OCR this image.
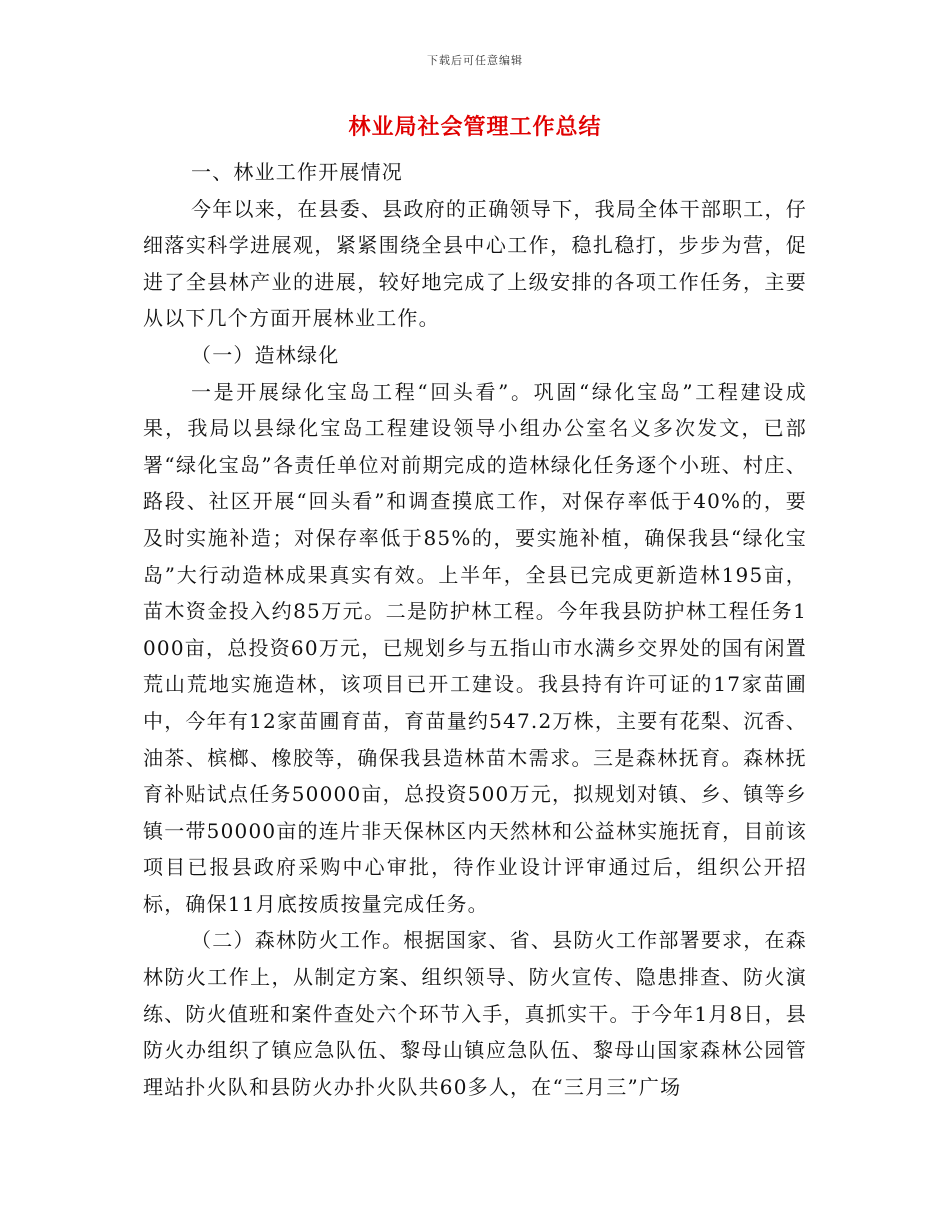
下载后可任意编辑
林业局社会管理工作总结

一、林业工作开展情况

今年以来，在县委、县政府的正确领导下，我局全体干部职工，仔细落实科学进展观，紧紧围绕全县中心工作，稳扎稳打，步步为营，促进了全县林产业的进展，较好地完成了上级安排的各项工作任务，主要从以下几个方面开展林业工作。

（一）造林绿化

一是开展绿化宝岛工程“回头看”。巩固“绿化宝岛”工程建设成果，我局以县绿化宝岛工程建设领导小组办公室名义多次发文，已部署“绿化宝岛”各责任单位对前期完成的造林绿化任务逐个小班、村庄、路段、社区开展“回头看”和调查摸底工作，对保存率低于40%的，要及时实施补造；对保存率低于85%的，要实施补植，确保我县“绿化宝岛”大行动造林成果真实有效。上半年，全县已完成更新造林195亩，苗木资金投入约85万元。二是防护林工程。今年我县防护林工程任务1000亩，总投资60万元，已规划乡与五指山市水满乡交界处的国有闲置荒山荒地实施造林，该项目已开工建设。我县持有许可证的17家苗圃中，今年有12家苗圃育苗，育苗量约547.2万株，主要有花梨、沉香、油茶、槟榔、橡胶等，确保我县造林苗木需求。三是森林抚育。森林抚育补贴试点任务50000亩，总投资500万元，拟规划对镇、乡、镇等乡镇一带50000亩的连片非天保林区内天然林和公益林实施抚育，目前该项目已报县政府采购中心审批，待作业设计评审通过后，组织公开招标，确保11月底按质按量完成任务。

（二）森林防火工作。根据国家、省、县防火工作部署要求，在森林防火工作上，从制定方案、组织领导、防火宣传、隐患排查、防火演练、防火值班和案件查处六个环节入手，真抓实干。于今年1月8日，县防火办组织了镇应急队伍、黎母山镇应急队伍、黎母山国家森林公园管理站扑火队和县防火办扑火队共60多人，在“三月三”广场
